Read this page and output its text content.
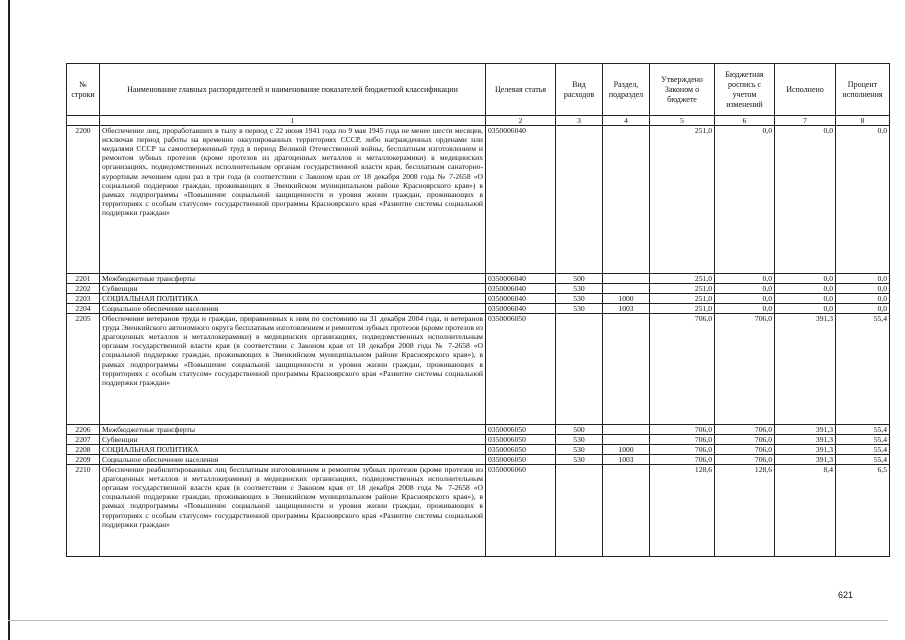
№ строки	Наименование главных распорядителей и наименование показателей бюджетной классификации	Целевая статья	Вид расходов	Раздел, подраздел	Утверждено Законом о бюджете	Бюджетная роспись с учетом изменений	Исполнено	Процент исполнения
	1	2	3	4	5	6	7	8
2200	Обеспечение лиц, проработавших в тылу в период с 22 июня 1941 года по 9 мая 1945 года не менее шести месяцев, исключая период работы на временно оккупированных территориях СССР, либо награжденных орденами или медалями СССР за самоотверженный труд в период Великой Отечественной войны, бесплатным изготовлением и ремонтом зубных протезов (кроме протезов из драгоценных металлов и металлокерамики) в медицинских организациях, подведомственных исполнительным органам государственной власти края, бесплатным санаторно-курортным лечением один раз в три года (в соответствии с Законом края от 18 декабря 2008 года № 7-2658 «О социальной поддержке граждан, проживающих в Эвенкийском муниципальном районе Красноярского края») в рамках подпрограммы «Повышение социальной защищенности и уровня жизни граждан, проживающих в территориях с особым статусом» государственной программы Красноярского края «Развитие системы социальной поддержки граждан»	0350006040			251,0	0,0	0,0	0,0
2201	Межбюджетные трансферты	0350006040	500		251,0	0,0	0,0	0,0
2202	Субвенции	0350006040	530		251,0	0,0	0,0	0,0
2203	СОЦИАЛЬНАЯ ПОЛИТИКА	0350006040	530	1000	251,0	0,0	0,0	0,0
2204	Социальное обеспечение населения	0350006040	530	1003	251,0	0,0	0,0	0,0
2205	Обеспечение ветеранов труда и граждан, приравненных к ним по состоянию на 31 декабря 2004 года, и ветеранов труда Эвенкийского автономного округа бесплатным изготовлением и ремонтом зубных протезов (кроме протезов из драгоценных металлов и металлокерамики) в медицинских организациях, подведомственных исполнительным органам государственной власти края (в соответствии с Законом края от 18 декабря 2008 года № 7-2658 «О социальной поддержке граждан, проживающих в Эвенкийском муниципальном районе Красноярского края»), в рамках подпрограммы «Повышение социальной защищенности и уровня жизни граждан, проживающих в территориях с особым статусом» государственной программы Красноярского края «Развитие системы социальной поддержки граждан»	0350006050			706,0	706,0	391,3	55,4
2206	Межбюджетные трансферты	0350006050	500		706,0	706,0	391,3	55,4
2207	Субвенции	0350006050	530		706,0	706,0	391,3	55,4
2208	СОЦИАЛЬНАЯ ПОЛИТИКА	0350006050	530	1000	706,0	706,0	391,3	55,4
2209	Социальное обеспечение населения	0350006050	530	1003	706,0	706,0	391,3	55,4
2210	Обеспечение реабилитированных лиц бесплатным изготовлением и ремонтом зубных протезов (кроме протезов из драгоценных металлов и металлокерамики) в медицинских организациях, подведомственных исполнительным органам государственной власти края (в соответствии с Законом края от 18 декабря 2008 года № 7-2658 «О социальной поддержке граждан, проживающих в Эвенкийском муниципальном районе Красноярского края»), в рамках подпрограммы «Повышение социальной защищенности и уровня жизни граждан, проживающих в территориях с особым статусом» государственной программы Красноярского края «Развитие системы социальной поддержки граждан»	0350006060			128,6	128,6	8,4	6,5
621
